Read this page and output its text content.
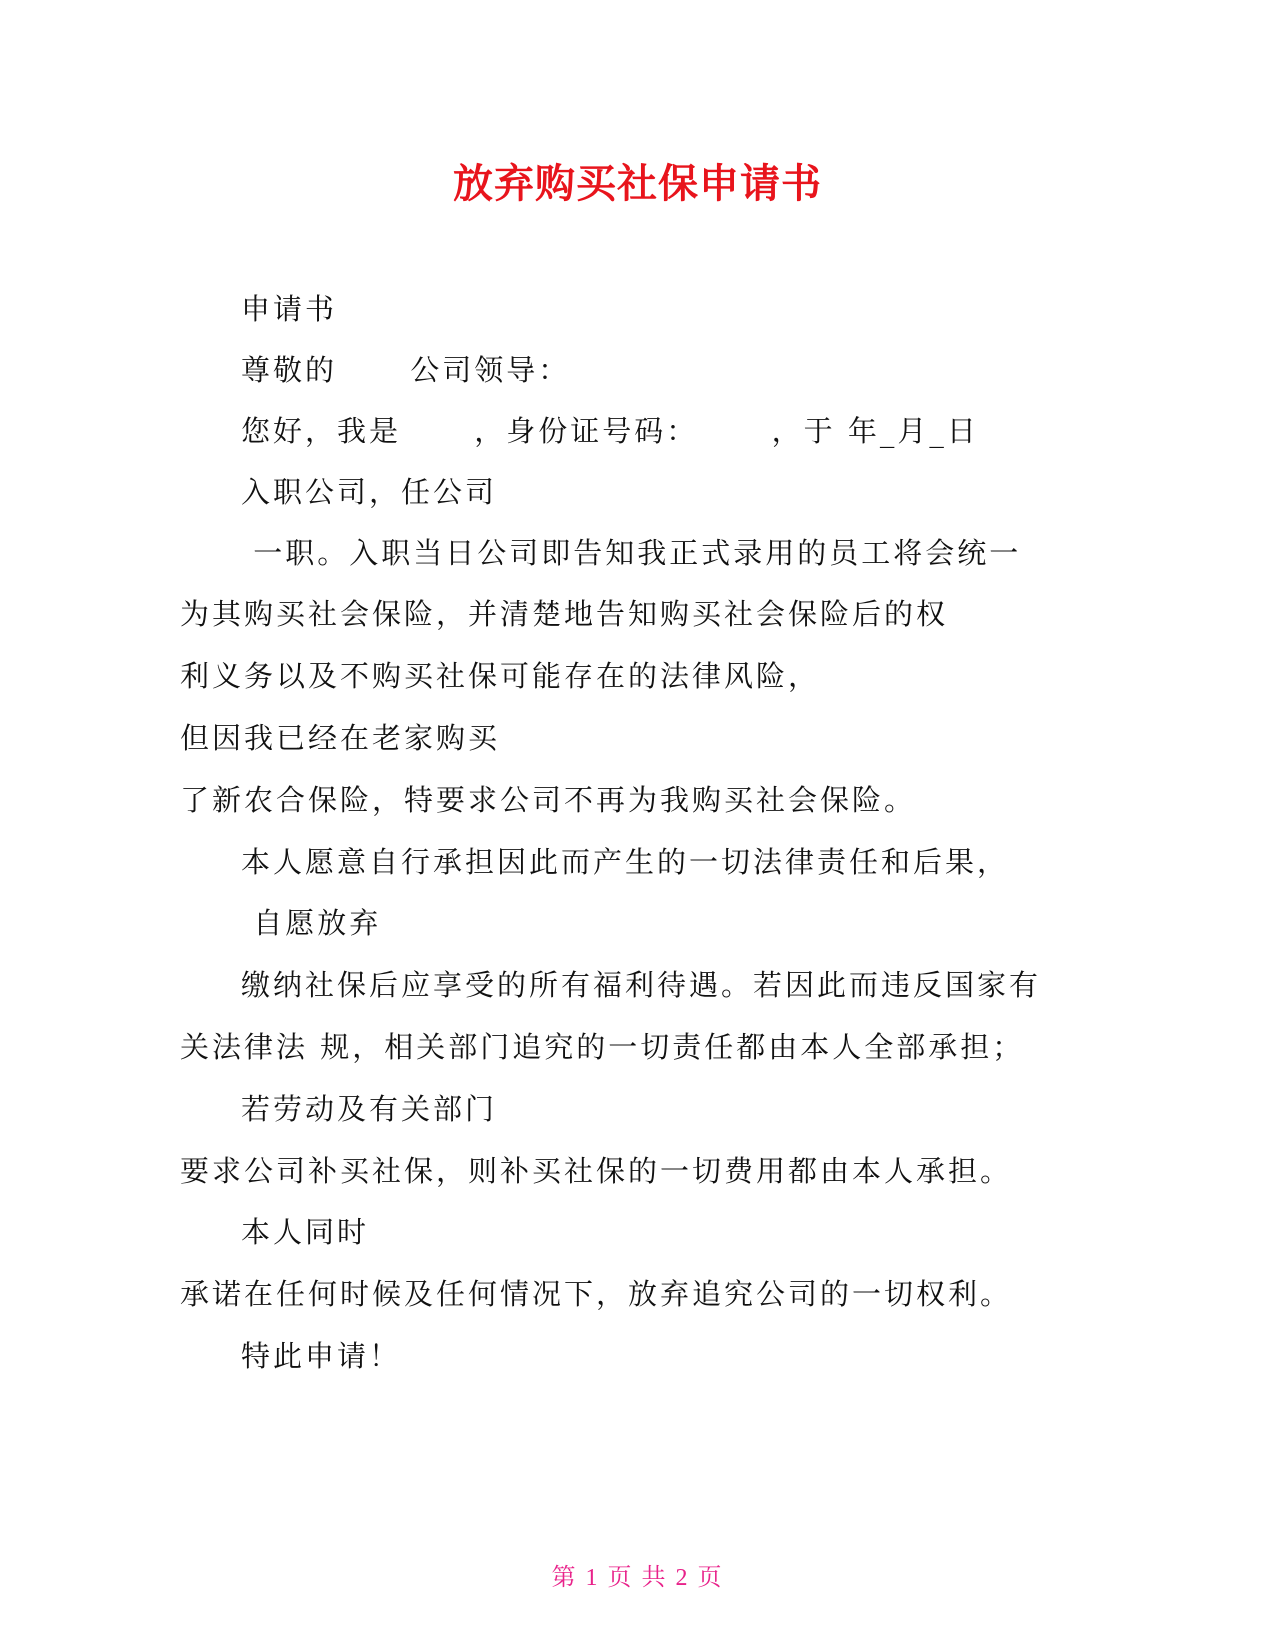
放弃购买社保申请书
申请书
尊敬的      公司领导：
您好，我是      ，身份证号码：      ，于 年_月_日
入职公司，任公司
一职。入职当日公司即告知我正式录用的员工将会统一
为其购买社会保险，并清楚地告知购买社会保险后的权
利义务以及不购买社保可能存在的法律风险，
但因我已经在老家购买
了新农合保险，特要求公司不再为我购买社会保险。
本人愿意自行承担因此而产生的一切法律责任和后果，
自愿放弃
缴纳社保后应享受的所有福利待遇。若因此而违反国家有
关法律法 规，相关部门追究的一切责任都由本人全部承担；
若劳动及有关部门
要求公司补买社保，则补买社保的一切费用都由本人承担。
本人同时
承诺在任何时候及任何情况下，放弃追究公司的一切权利。
特此申请！
第 1 页 共 2 页
